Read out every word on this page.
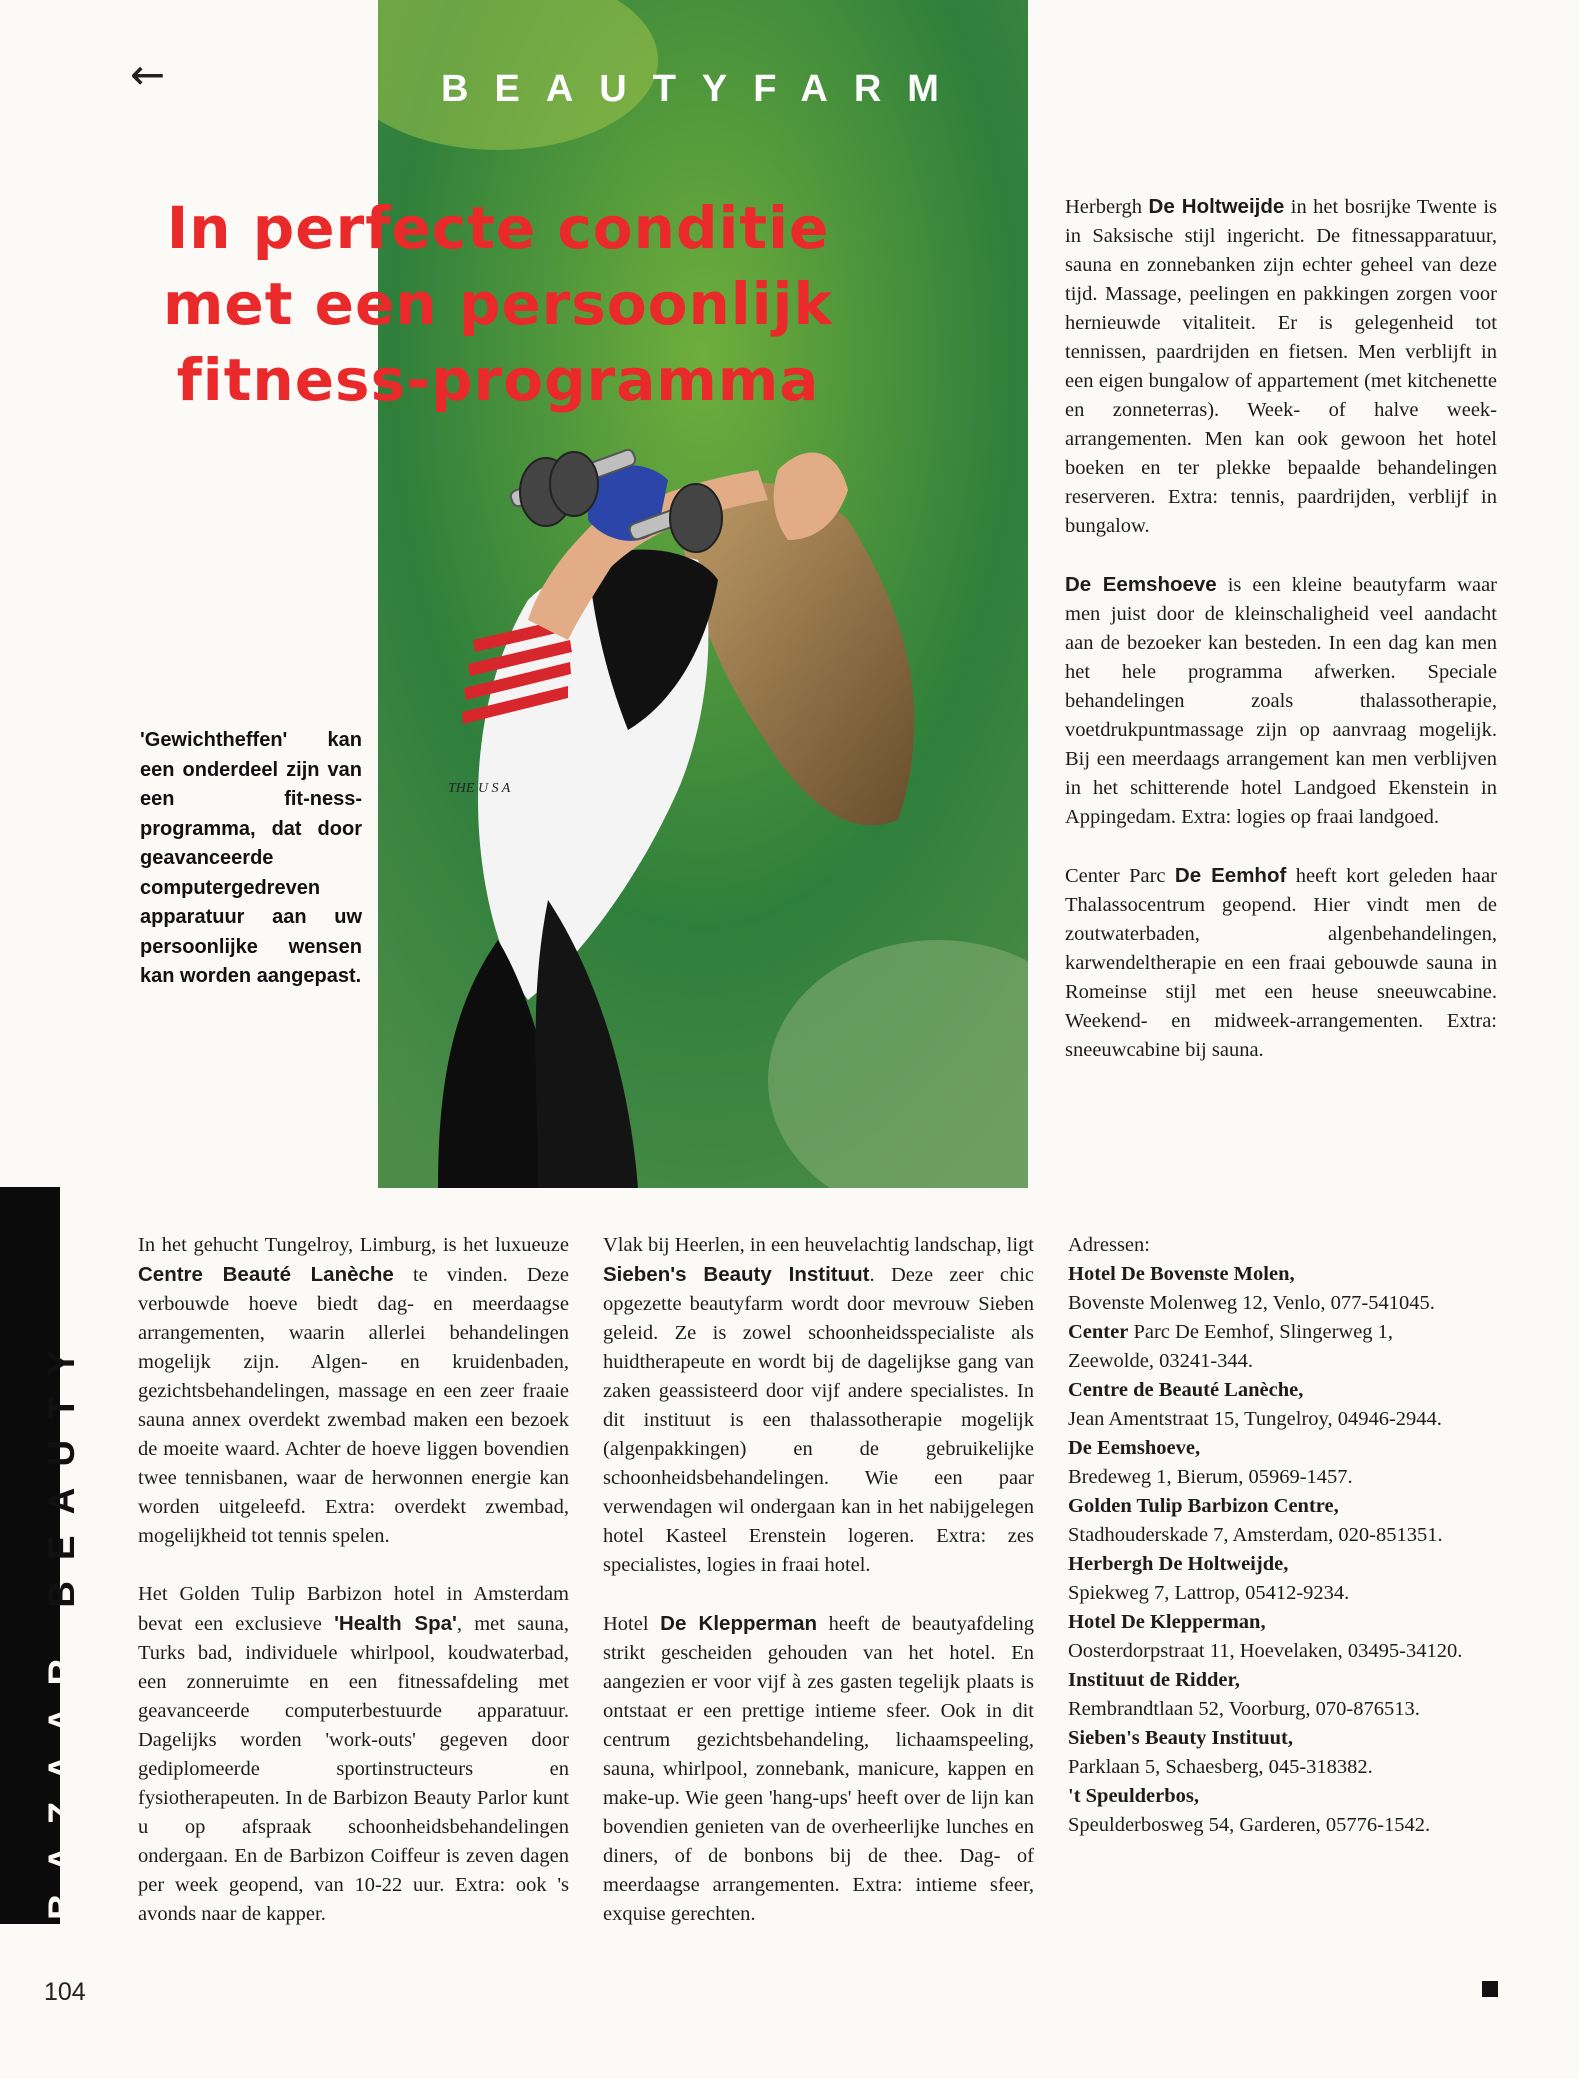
THE U S A
←	BEAUTYFARM
In perfecte conditie
met een persoonlijk
fitness-programma

'Gewichtheffen' kan een onderdeel zijn van een fit-ness-programma, dat door geavanceerde computergedreven apparatuur aan uw persoonlijke wensen kan worden aangepast.

Herbergh De Holtweijde in het bosrijke Twente is in Saksische stijl ingericht. De fitnessapparatuur, sauna en zonnebanken zijn echter geheel van deze tijd. Massage, peelingen en pakkingen zorgen voor hernieuwde vitaliteit. Er is gelegenheid tot tennissen, paardrijden en fietsen. Men verblijft in een eigen bungalow of appartement (met kitchenette en zonneterras). Week- of halve week-arrangementen. Men kan ook gewoon het hotel boeken en ter plekke bepaalde behandelingen reserveren. Extra: tennis, paardrijden, verblijf in bungalow.

De Eemshoeve is een kleine beautyfarm waar men juist door de kleinschaligheid veel aandacht aan de bezoeker kan besteden. In een dag kan men het hele programma afwerken. Speciale behandelingen zoals thalassotherapie, voetdrukpuntmassage zijn op aanvraag mogelijk. Bij een meerdaags arrangement kan men verblijven in het schitterende hotel Landgoed Ekenstein in Appingedam. Extra: logies op fraai landgoed.

Center Parc De Eemhof heeft kort geleden haar Thalassocentrum geopend. Hier vindt men de zoutwaterbaden, algenbehandelingen, karwendeltherapie en een fraai gebouwde sauna in Romeinse stijl met een heuse sneeuwcabine. Weekend- en midweek-arrangementen. Extra: sneeuwcabine bij sauna.

In het gehucht Tungelroy, Limburg, is het luxueuze Centre Beauté Lanèche te vinden. Deze verbouwde hoeve biedt dag- en meerdaagse arrangementen, waarin allerlei behandelingen mogelijk zijn. Algen- en kruidenbaden, gezichtsbehandelingen, massage en een zeer fraaie sauna annex overdekt zwembad maken een bezoek de moeite waard. Achter de hoeve liggen bovendien twee tennisbanen, waar de herwonnen energie kan worden uitgeleefd. Extra: overdekt zwembad, mogelijkheid tot tennis spelen.

Het Golden Tulip Barbizon hotel in Amsterdam bevat een exclusieve 'Health Spa', met sauna, Turks bad, individuele whirlpool, koudwaterbad, een zonneruimte en een fitnessafdeling met geavanceerde computerbestuurde apparatuur. Dagelijks worden 'work-outs' gegeven door gediplomeerde sportinstructeurs en fysiotherapeuten. In de Barbizon Beauty Parlor kunt u op afspraak schoonheidsbehandelingen ondergaan. En de Barbizon Coiffeur is zeven dagen per week geopend, van 10-22 uur. Extra: ook 's avonds naar de kapper.

Vlak bij Heerlen, in een heuvelachtig landschap, ligt Sieben's Beauty Instituut. Deze zeer chic opgezette beautyfarm wordt door mevrouw Sieben geleid. Ze is zowel schoonheidsspecialiste als huidtherapeute en wordt bij de dagelijkse gang van zaken geassisteerd door vijf andere specialistes. In dit instituut is een thalassotherapie mogelijk (algenpakkingen) en de gebruikelijke schoonheidsbehandelingen. Wie een paar verwendagen wil ondergaan kan in het nabijgelegen hotel Kasteel Erenstein logeren. Extra: zes specialistes, logies in fraai hotel.

Hotel De Klepperman heeft de beautyafdeling strikt gescheiden gehouden van het hotel. En aangezien er voor vijf à zes gasten tegelijk plaats is ontstaat er een prettige intieme sfeer. Ook in dit centrum gezichtsbehandeling, lichaamspeeling, sauna, whirlpool, zonnebank, manicure, kappen en make-up. Wie geen 'hang-ups' heeft over de lijn kan bovendien genieten van de overheerlijke lunches en diners, of de bonbons bij de thee. Dag- of meerdaagse arrangementen. Extra: intieme sfeer, exquise gerechten.

Adressen:

Hotel De Bovenste Molen,
Bovenste Molenweg 12, Venlo, 077-541045.

Center Parc De Eemhof, Slingerweg 1,
Zeewolde, 03241-344.

Centre de Beauté Lanèche,
Jean Amentstraat 15, Tungelroy, 04946-2944.

De Eemshoeve,
Bredeweg 1, Bierum, 05969-1457.

Golden Tulip Barbizon Centre,
Stadhouderskade 7, Amsterdam, 020-851351.

Herbergh De Holtweijde,
Spiekweg 7, Lattrop, 05412-9234.

Hotel De Klepperman,
Oosterdorpstraat 11, Hoevelaken, 03495-34120.

Instituut de Ridder,
Rembrandtlaan 52, Voorburg, 070-876513.

Sieben's Beauty Instituut,
Parklaan 5, Schaesberg, 045-318382.

't Speulderbos,
Speulderbosweg 54, Garderen, 05776-1542.

BAZAARBEAUTY
104
